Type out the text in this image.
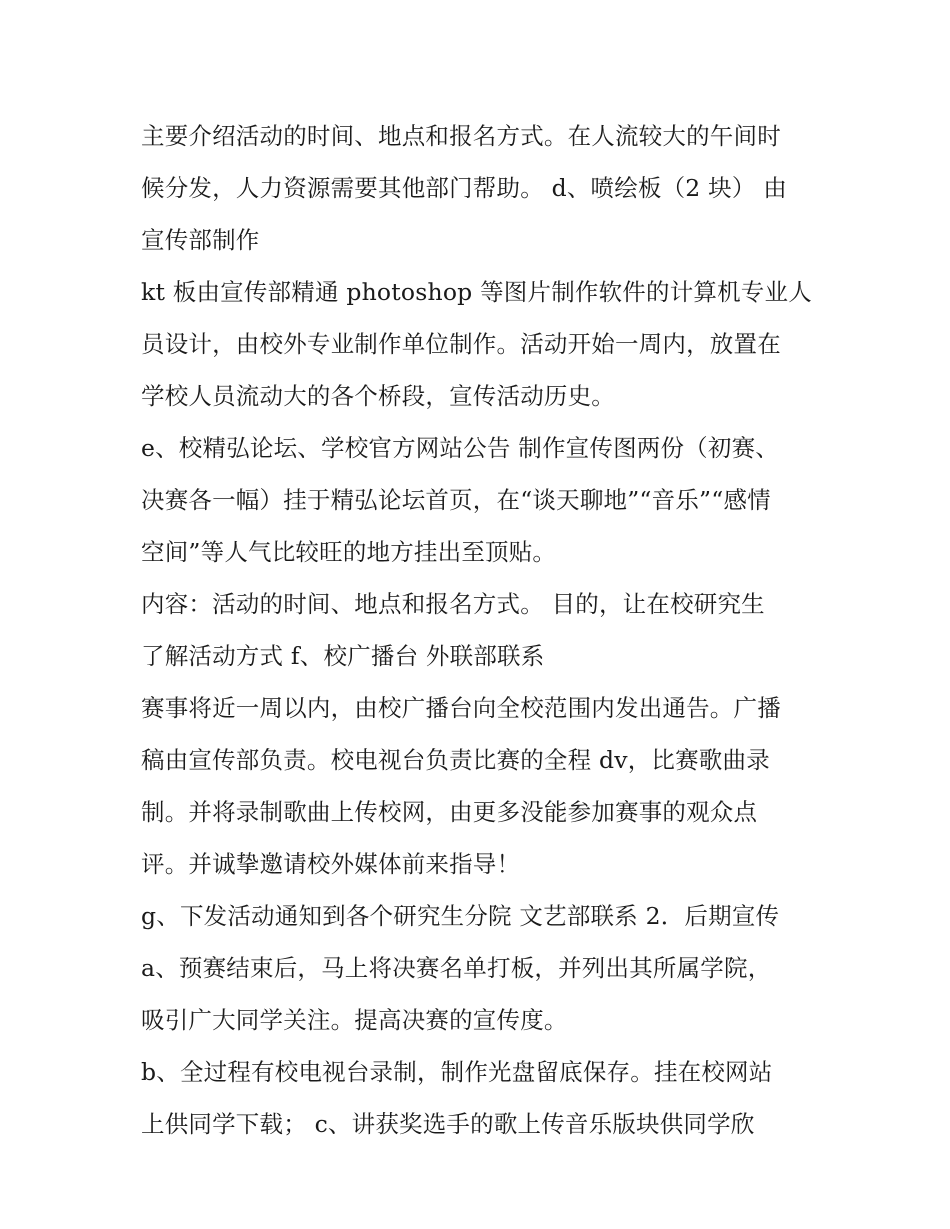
主要介绍活动的时间、地点和报名方式。在人流较大的午间时
候分发，人力资源需要其他部门帮助。 d、喷绘板（2 块） 由
宣传部制作
kt 板由宣传部精通 photoshop 等图片制作软件的计算机专业人
员设计，由校外专业制作单位制作。活动开始一周内，放置在
学校人员流动大的各个桥段，宣传活动历史。
e、校精弘论坛、学校官方网站公告 制作宣传图两份（初赛、
决赛各一幅）挂于精弘论坛首页，在“谈天聊地”“音乐”“感情
空间”等人气比较旺的地方挂出至顶贴。
内容：活动的时间、地点和报名方式。 目的，让在校研究生
了解活动方式 f、校广播台 外联部联系
赛事将近一周以内，由校广播台向全校范围内发出通告。广播
稿由宣传部负责。校电视台负责比赛的全程 dv，比赛歌曲录
制。并将录制歌曲上传校网，由更多没能参加赛事的观众点
评。并诚挚邀请校外媒体前来指导！
g、下发活动通知到各个研究生分院 文艺部联系 2．后期宣传
a、预赛结束后，马上将决赛名单打板，并列出其所属学院，
吸引广大同学关注。提高决赛的宣传度。
b、全过程有校电视台录制，制作光盘留底保存。挂在校网站
上供同学下载； c、讲获奖选手的歌上传音乐版块供同学欣
